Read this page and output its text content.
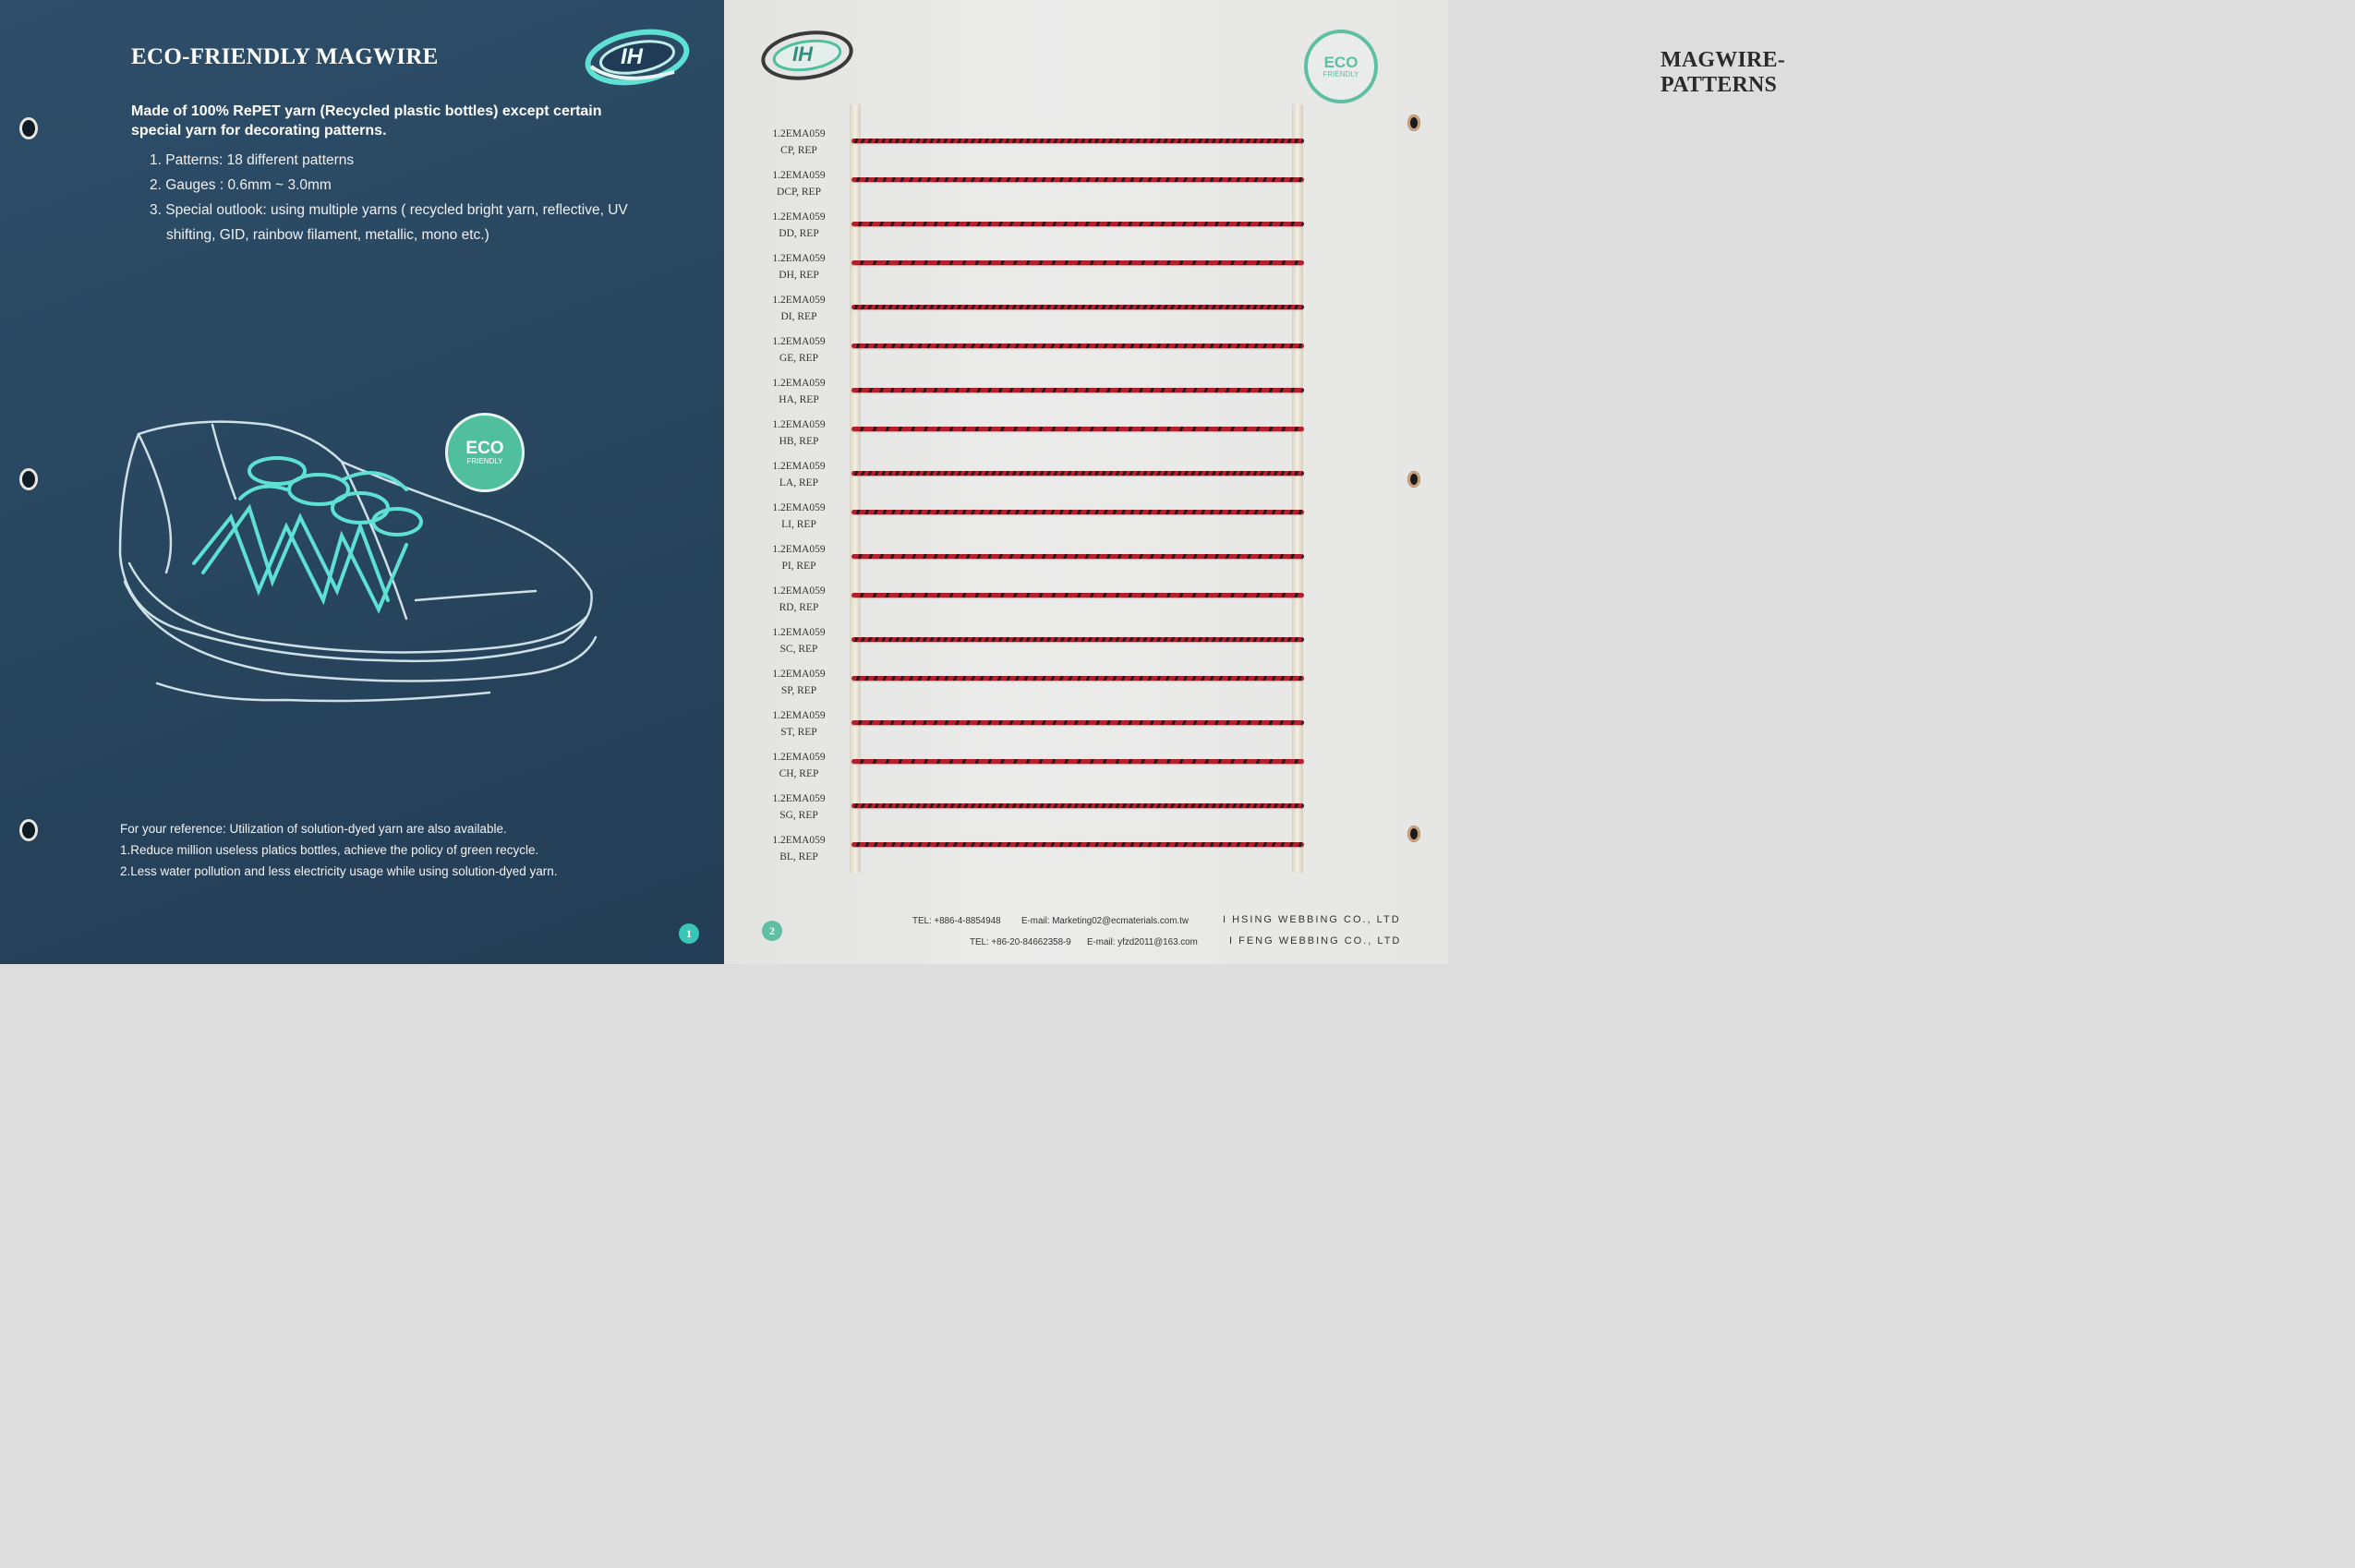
ECO-FRIENDLY MAGWIRE	IH
Made of 100% RePET yarn (Recycled plastic bottles) except certain special yarn for decorating patterns.
1. Patterns: 18 different patterns
2. Gauges : 0.6mm ~ 3.0mm
3. Special outlook: using multiple yarns ( recycled bright yarn, reflective, UV
shifting, GID, rainbow filament, metallic, mono etc.)
ECO
FRIENDLY
For your reference: Utilization of solution-dyed yarn are also available.
1.Reduce million useless platics bottles, achieve the policy of green recycle.
2.Less water pollution and less electricity usage while using solution-dyed yarn.
1
IH	MAGWIRE-PATTERNS
ECO
FRIENDLY
1.2EMA059
CP, REP
1.2EMA059
DCP, REP
1.2EMA059
DD, REP
1.2EMA059
DH, REP
1.2EMA059
DI, REP
1.2EMA059
GE, REP
1.2EMA059
HA, REP
1.2EMA059
HB, REP
1.2EMA059
LA, REP
1.2EMA059
LI, REP
1.2EMA059
PI, REP
1.2EMA059
RD, REP
1.2EMA059
SC, REP
1.2EMA059
SP, REP
1.2EMA059
ST, REP
1.2EMA059
CH, REP
1.2EMA059
SG, REP
1.2EMA059
BL, REP
TEL: +886-4-8854948 E-mail: Marketing02@ecmaterials.com.tw	I HSING WEBBING CO., LTD
TEL: +86-20-84662358-9 E-mail: yfzd2011@163.com	I FENG WEBBING CO., LTD
2
